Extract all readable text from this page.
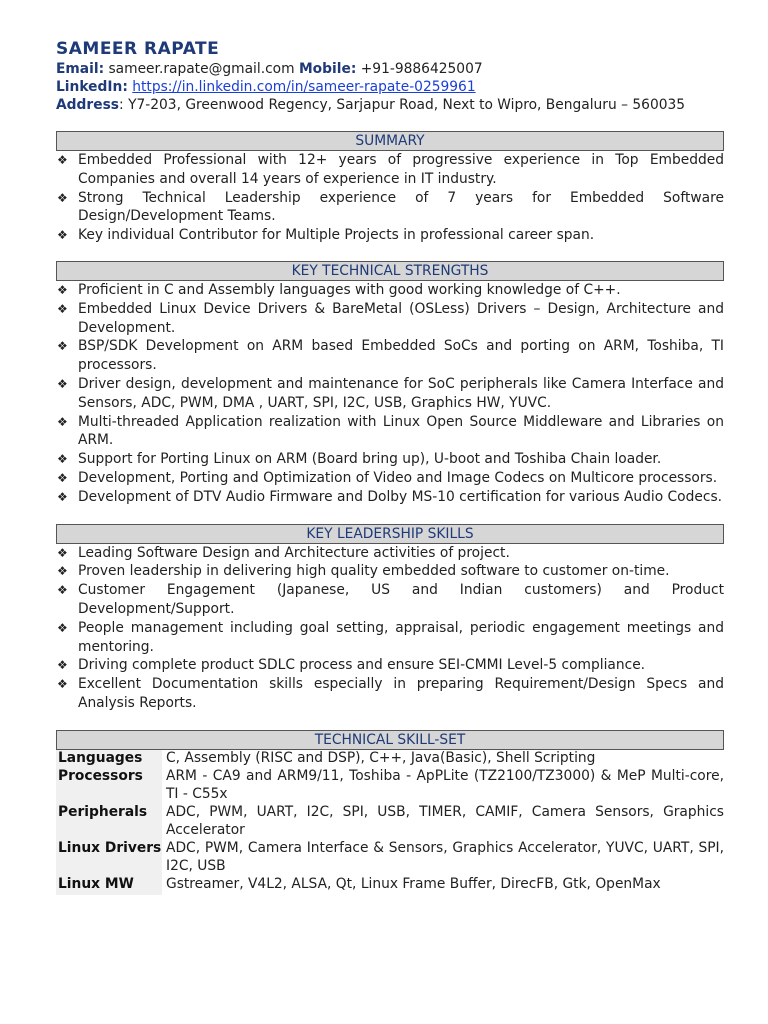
SAMEER RAPATE
Email: sameer.rapate@gmail.com Mobile: +91-9886425007
LinkedIn: https://in.linkedin.com/in/sameer-rapate-0259961
Address: Y7-203, Greenwood Regency, Sarjapur Road, Next to Wipro, Bengaluru – 560035
SUMMARY
❖ Embedded Professional with 12+ years of progressive experience in Top Embedded Companies and overall 14 years of experience in IT industry.
❖ Strong Technical Leadership experience of 7 years for Embedded Software Design/Development Teams.
❖ Key individual Contributor for Multiple Projects in professional career span.
KEY TECHNICAL STRENGTHS
❖ Proficient in C and Assembly languages with good working knowledge of C++.
❖ Embedded Linux Device Drivers & BareMetal (OSLess) Drivers – Design, Architecture and Development.
❖ BSP/SDK Development on ARM based Embedded SoCs and porting on ARM, Toshiba, TI processors.
❖ Driver design, development and maintenance for SoC peripherals like Camera Interface and Sensors, ADC, PWM, DMA , UART, SPI, I2C, USB, Graphics HW, YUVC.
❖ Multi-threaded Application realization with Linux Open Source Middleware and Libraries on ARM.
❖ Support for Porting Linux on ARM (Board bring up), U-boot and Toshiba Chain loader.
❖ Development, Porting and Optimization of Video and Image Codecs on Multicore processors.
❖ Development of DTV Audio Firmware and Dolby MS-10 certification for various Audio Codecs.
KEY LEADERSHIP SKILLS
❖ Leading Software Design and Architecture activities of project.
❖ Proven leadership in delivering high quality embedded software to customer on-time.
❖ Customer Engagement (Japanese, US and Indian customers) and Product Development/Support.
❖ People management including goal setting, appraisal, periodic engagement meetings and mentoring.
❖ Driving complete product SDLC process and ensure SEI-CMMI Level-5 compliance.
❖ Excellent Documentation skills especially in preparing Requirement/Design Specs and Analysis Reports.
TECHNICAL SKILL-SET
Languages	C, Assembly (RISC and DSP), C++, Java(Basic), Shell Scripting
Processors	ARM - CA9 and ARM9/11, Toshiba - ApPLite (TZ2100/TZ3000) & MeP Multi-core, TI - C55x
Peripherals	ADC, PWM, UART, I2C, SPI, USB, TIMER, CAMIF, Camera Sensors, Graphics Accelerator
Linux Drivers	ADC, PWM, Camera Interface & Sensors, Graphics Accelerator, YUVC, UART, SPI, I2C, USB
Linux MW	Gstreamer, V4L2, ALSA, Qt, Linux Frame Buffer, DirecFB, Gtk, OpenMax
